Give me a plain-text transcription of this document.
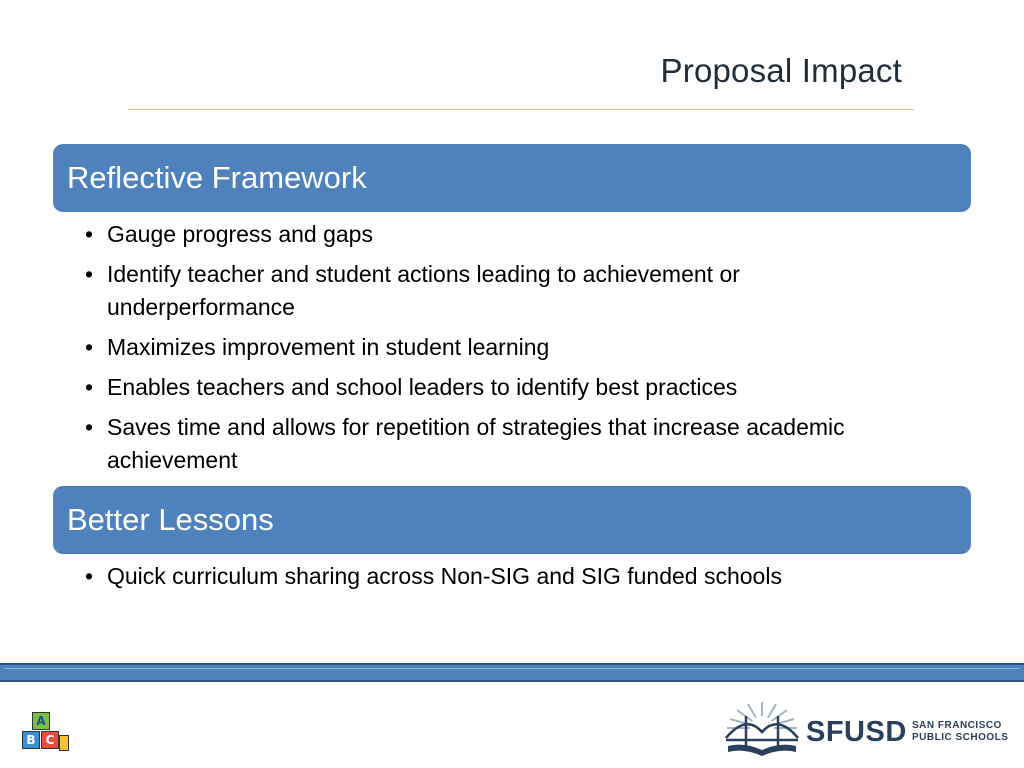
Proposal Impact
Reflective Framework
• Gauge progress and gaps
• Identify teacher and student actions leading to achievement or underperformance
• Maximizes improvement in student learning
• Enables teachers and school leaders to identify best practices
• Saves time and allows for repetition of strategies that increase academic achievement
Better Lessons
• Quick curriculum sharing across Non-SIG and SIG funded schools
A
B C	SFUSD SAN FRANCISCO
PUBLIC SCHOOLS
